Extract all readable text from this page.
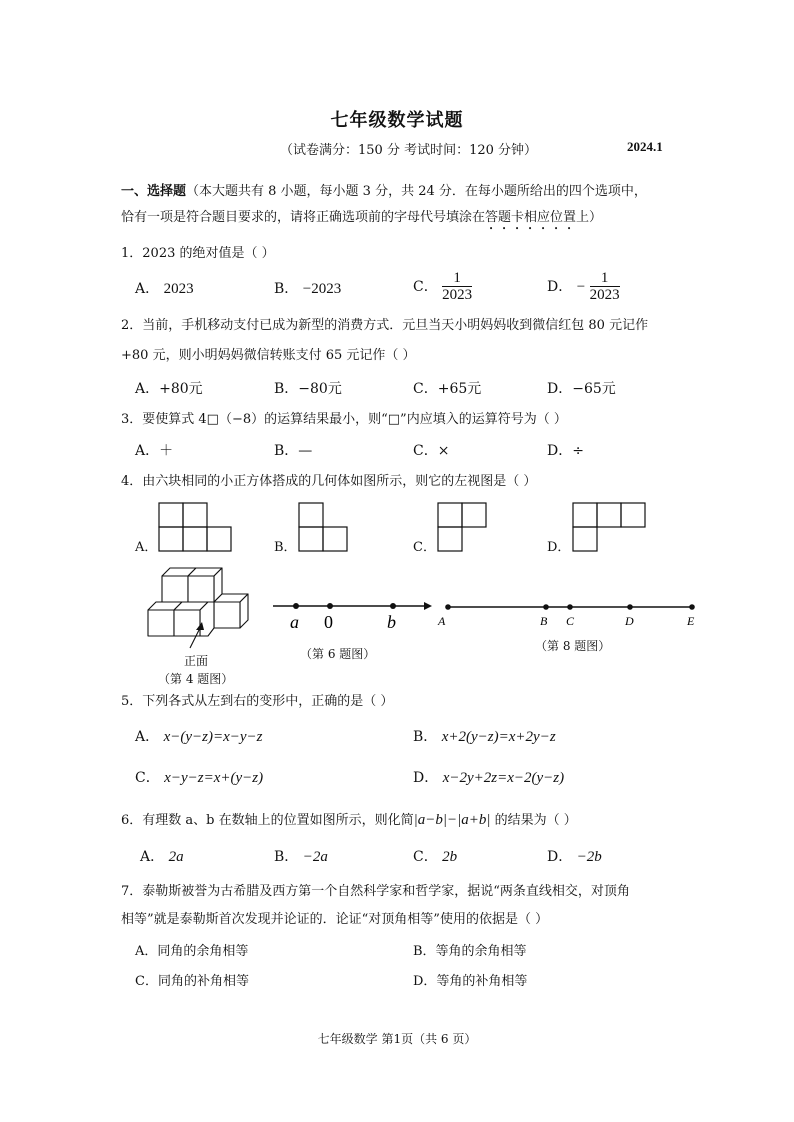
七年级数学试题
（试卷满分：150 分 考试时间：120 分钟）	2024.1
一、选择题（本大题共有 8 小题，每小题 3 分，共 24 分．在每小题所给出的四个选项中，
恰有一项是符合题目要求的，请将正确选项前的字母代号填涂在答题卡相应位置上）
1．2023 的绝对值是（ ）
A． 2023	B． −2023	C． $\frac{1}{2023}$	D． − $\frac{1}{2023}$
2．当前，手机移动支付已成为新型的消费方式．元旦当天小明妈妈收到微信红包 80 元记作
+80 元，则小明妈妈微信转账支付 65 元记作（ ）
A．+80元	B．−80元	C．+65元	D．−65元
3．要使算式 4□（−8）的运算结果最小，则“□”内应填入的运算符号为（ ）
A．＋	B．—	C．×	D．÷
4．由六块相同的小正方体搭成的几何体如图所示，则它的左视图是（ ）
A．	B．	C．	D．
正面
（第 4 题图）
a 0	b
（第 6 题图）
A	B C	D	E
（第 8 题图）
5．下列各式从左到右的变形中，正确的是（ ）
A． x−(y−z)=x−y−z	B． x+2(y−z)=x+2y−z
C． x−y−z=x+(y−z)	D． x−2y+2z=x−2(y−z)
6．有理数 a、b 在数轴上的位置如图所示，则化简|a−b|−|a+b| 的结果为（ ）
A． 2a	B． −2a	C． 2b	D． −2b
7．泰勒斯被誉为古希腊及西方第一个自然科学家和哲学家，据说“两条直线相交，对顶角
相等”就是泰勒斯首次发现并论证的．论证“对顶角相等”使用的依据是（ ）
A．同角的余角相等	B．等角的余角相等
C．同角的补角相等	D．等角的补角相等
七年级数学 第1页（共 6 页）
